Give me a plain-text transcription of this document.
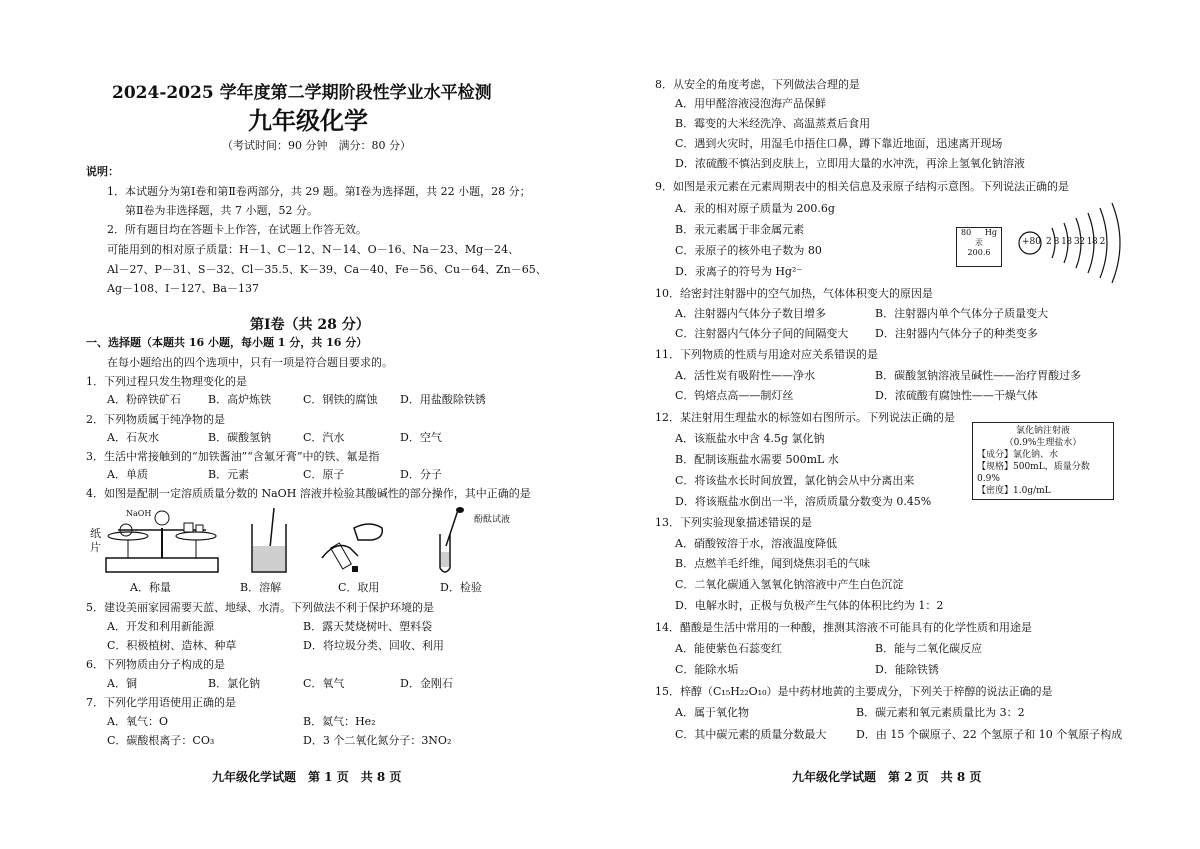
2024-2025 学年度第二学期阶段性学业水平检测
九年级化学
（考试时间：90 分钟　满分：80 分）
说明：
1．本试题分为第Ⅰ卷和第Ⅱ卷两部分，共 29 题。第Ⅰ卷为选择题，共 22 小题，28 分；
第Ⅱ卷为非选择题，共 7 小题，52 分。
2．所有题目均在答题卡上作答，在试题上作答无效。
可能用到的相对原子质量：H－1、C－12、N－14、O－16、Na－23、Mg－24、
Al－27、P－31、S－32、Cl－35.5、K－39、Ca－40、Fe－56、Cu－64、Zn－65、
Ag－108、I－127、Ba－137
第Ⅰ卷（共 28 分）
一、选择题（本题共 16 小题，每小题 1 分，共 16 分）
在每小题给出的四个选项中，只有一项是符合题目要求的。
1．下列过程只发生物理变化的是
A．粉碎铁矿石 B．高炉炼铁	C．钢铁的腐蚀 D．用盐酸除铁锈
2．下列物质属于纯净物的是
A．石灰水	B．碳酸氢钠	C．汽水	D．空气
3．生活中常接触到的“加铁酱油”“含氟牙膏”中的铁、氟是指
A．单质	B．元素	C．原子	D．分子
4．如图是配制一定溶质质量分数的 NaOH 溶液并检验其酸碱性的部分操作，其中正确的是
NaOH
纸
片
酚酞试液
A．称量	B．溶解	C．取用	D．检验
5．建设美丽家园需要天蓝、地绿、水清。下列做法不利于保护环境的是
A．开发和利用新能源	B．露天焚烧树叶、塑料袋
C．积极植树、造林、种草	D．将垃圾分类、回收、利用
6．下列物质由分子构成的是
A．铜	B．氯化钠	C．氧气	D．金刚石
7．下列化学用语使用正确的是
A．氧气：O	B．氦气：He₂
C．碳酸根离子：CO₃	D．3 个二氧化氮分子：3NO₂
九年级化学试题　第 1 页　共 8 页
8．从安全的角度考虑，下列做法合理的是
A．用甲醛溶液浸泡海产品保鲜
B．霉变的大米经洗净、高温蒸煮后食用
C．遇到火灾时，用湿毛巾捂住口鼻，蹲下靠近地面，迅速离开现场
D．浓硫酸不慎沾到皮肤上，立即用大量的水冲洗，再涂上氢氧化钠溶液
9．如图是汞元素在元素周期表中的相关信息及汞原子结构示意图。下列说法正确的是
A．汞的相对原子质量为 200.6g
B．汞元素属于非金属元素
C．汞原子的核外电子数为 80
D．汞离子的符号为 Hg²⁻
80 Hg
汞
200.6
+80 2 8 18 32 18 2
10．给密封注射器中的空气加热，气体体积变大的原因是
A．注射器内气体分子数目增多	B．注射器内单个气体分子质量变大
C．注射器内气体分子间的间隔变大 D．注射器内气体分子的种类变多
11．下列物质的性质与用途对应关系错误的是
A．活性炭有吸附性——净水	B．碳酸氢钠溶液呈碱性——治疗胃酸过多
C．钨熔点高——制灯丝	D．浓硫酸有腐蚀性——干燥气体
12．某注射用生理盐水的标签如右图所示。下列说法正确的是
A．该瓶盐水中含 4.5g 氯化钠
B．配制该瓶盐水需要 500mL 水
C．将该盐水长时间放置，氯化钠会从中分离出来
D．将该瓶盐水倒出一半，溶质质量分数变为 0.45%
氯化钠注射液
（0.9%生理盐水）
【成分】氯化钠、水
【规格】500mL，质量分数 0.9%
【密度】1.0g/mL
13．下列实验现象描述错误的是
A．硝酸铵溶于水，溶液温度降低
B．点燃羊毛纤维，闻到烧焦羽毛的气味
C．二氧化碳通入氢氧化钠溶液中产生白色沉淀
D．电解水时，正极与负极产生气体的体积比约为 1：2
14．醋酸是生活中常用的一种酸，推测其溶液不可能具有的化学性质和用途是
A．能使紫色石蕊变红	B．能与二氧化碳反应
C．能除水垢	D．能除铁锈
15．梓醇（C₁₅H₂₂O₁₀）是中药材地黄的主要成分，下列关于梓醇的说法正确的是
A．属于氧化物	B．碳元素和氧元素质量比为 3：2
C．其中碳元素的质量分数最大	D．由 15 个碳原子、22 个氢原子和 10 个氧原子构成
九年级化学试题　第 2 页　共 8 页
